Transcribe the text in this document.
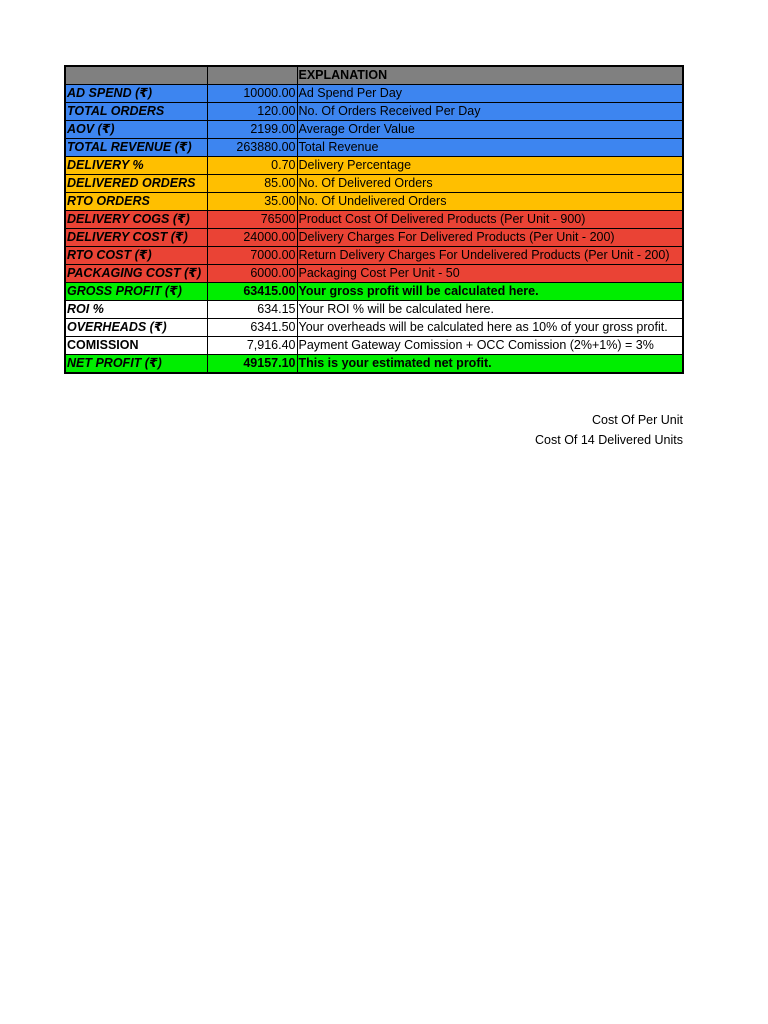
		EXPLANATION
AD SPEND (₹)	10000.00	Ad Spend Per Day
TOTAL ORDERS	120.00	No. Of Orders Received Per Day
AOV (₹)	2199.00	Average Order Value
TOTAL REVENUE (₹)	263880.00	Total Revenue
DELIVERY %	0.70	Delivery Percentage
DELIVERED ORDERS	85.00	No. Of Delivered Orders
RTO ORDERS	35.00	No. Of Undelivered Orders
DELIVERY COGS (₹)	76500	Product Cost Of Delivered Products (Per Unit - 900)
DELIVERY COST (₹)	24000.00	Delivery Charges For Delivered Products (Per Unit - 200)
RTO COST (₹)	7000.00	Return Delivery Charges For Undelivered Products (Per Unit - 200)
PACKAGING COST (₹)	6000.00	Packaging Cost Per Unit - 50
GROSS PROFIT (₹)	63415.00	Your gross profit will be calculated here.
ROI %	634.15	Your ROI % will be calculated here.
OVERHEADS (₹)	6341.50	Your overheads will be calculated here as 10% of your gross profit.
COMISSION	7,916.40	Payment Gateway Comission + OCC Comission (2%+1%) = 3%
NET PROFIT (₹)	49157.10	This is your estimated net profit.
Cost Of Per Unit
Cost Of 14 Delivered Units
